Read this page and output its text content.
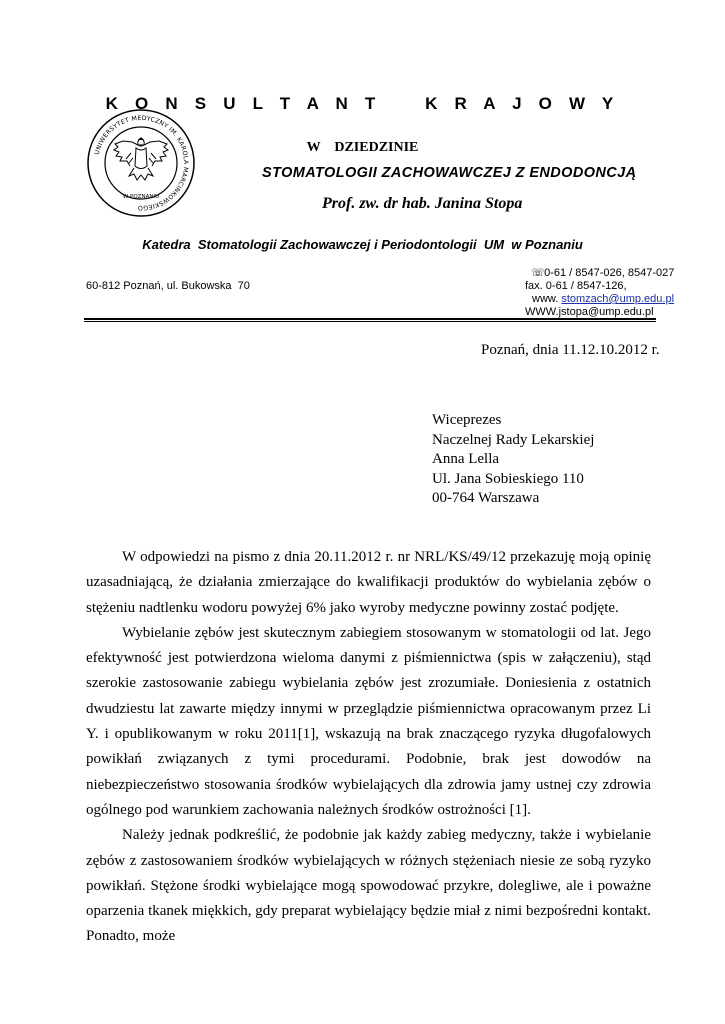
UNIWERSYTET MEDYCZNY IM. KAROLA MARCINKOWSKIEGO
W POZNANIU
K O N S U L T A N T    K R A J O W Y
W    DZIEDZINIE
STOMATOLOGII ZACHOWAWCZEJ Z ENDODONCJĄ
Prof. zw. dr hab. Janina Stopa
Katedra  Stomatologii Zachowawczej i Periodontologii  UM  w Poznaniu
60-812 Poznań, ul. Bukowska  70
☏ 0-61 / 8547-026, 8547-027
fax. 0-61 / 8547-126,
www. stomzach@ump.edu.pl
WWW.jstopa@ump.edu.pl
Poznań, dnia 11.12.10.2012 r.
Wiceprezes
Naczelnej Rady Lekarskiej
Anna Lella
Ul. Jana Sobieskiego 110
00-764 Warszawa

W odpowiedzi na pismo z dnia 20.11.2012 r. nr NRL/KS/49/12 przekazuję moją opinię uzasadniającą, że działania zmierzające do kwalifikacji produktów do wybielania zębów o stężeniu nadtlenku wodoru powyżej 6% jako wyroby medyczne powinny zostać podjęte.

Wybielanie zębów jest skutecznym zabiegiem stosowanym w stomatologii od lat. Jego efektywność jest potwierdzona wieloma danymi z piśmiennictwa (spis w załączeniu), stąd szerokie zastosowanie zabiegu wybielania zębów jest zrozumiałe. Doniesienia z ostatnich dwudziestu lat zawarte między innymi w przeglądzie piśmiennictwa opracowanym przez Li Y. i opublikowanym w roku 2011[1], wskazują na brak znaczącego ryzyka długofalowych powikłań związanych z tymi procedurami. Podobnie, brak jest dowodów na niebezpieczeństwo stosowania środków wybielających dla zdrowia jamy ustnej czy zdrowia ogólnego pod warunkiem zachowania należnych środków ostrożności [1].

Należy jednak podkreślić, że podobnie jak każdy zabieg medyczny, także i wybielanie zębów z zastosowaniem środków wybielających w różnych stężeniach niesie ze sobą ryzyko powikłań. Stężone środki wybielające mogą spowodować przykre, dolegliwe, ale i poważne oparzenia tkanek miękkich, gdy preparat wybielający będzie miał z nimi bezpośredni kontakt. Ponadto, może
